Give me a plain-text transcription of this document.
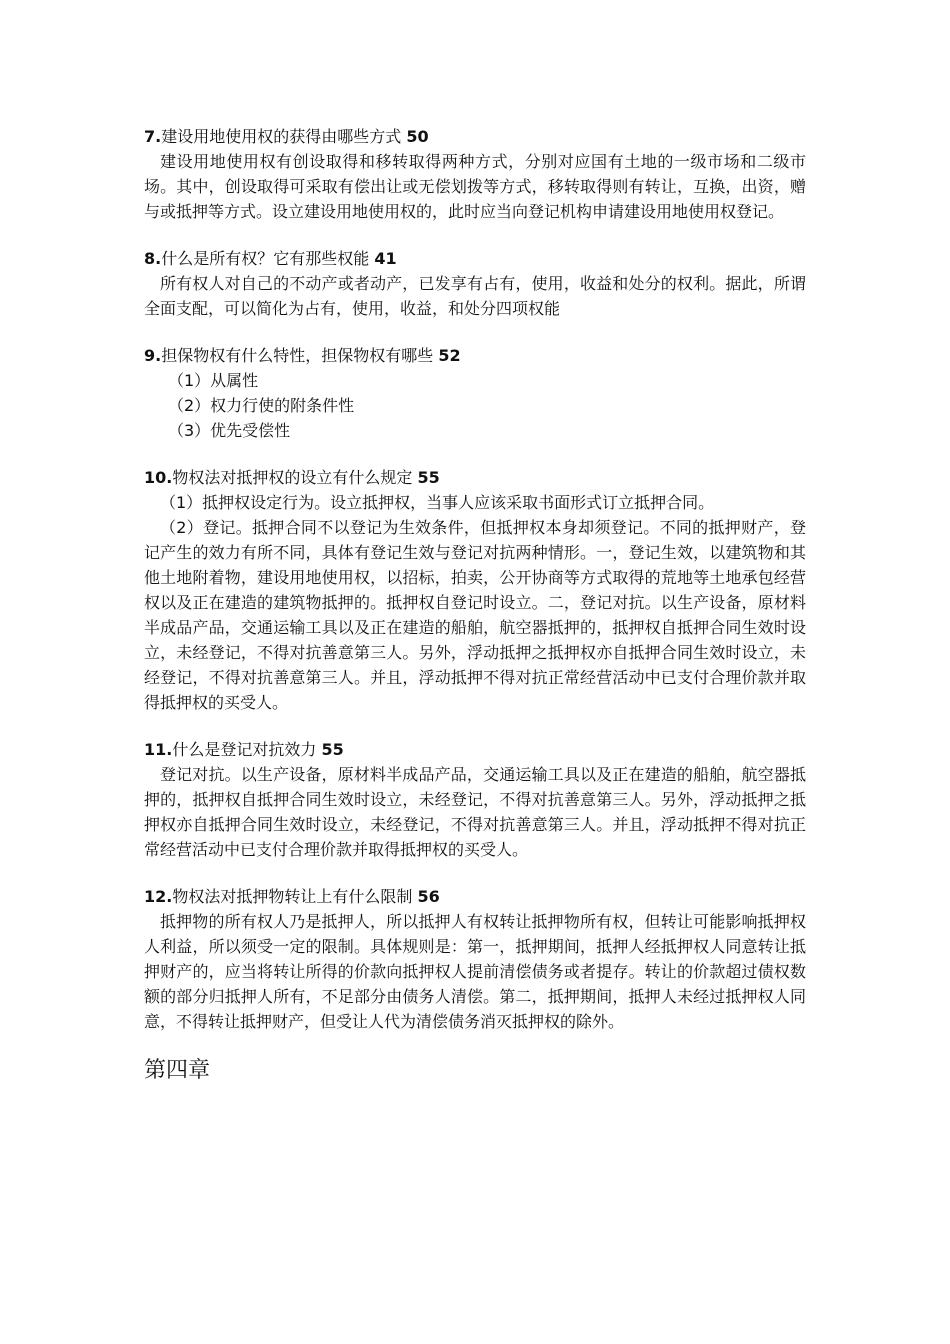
7.建设用地使用权的获得由哪些方式 50

建设用地使用权有创设取得和移转取得两种方式，分别对应国有土地的一级市场和二级市场。其中，创设取得可采取有偿出让或无偿划拨等方式，移转取得则有转让，互换，出资，赠与或抵押等方式。设立建设用地使用权的，此时应当向登记机构申请建设用地使用权登记。

8.什么是所有权？它有那些权能 41

所有权人对自己的不动产或者动产，已发享有占有，使用，收益和处分的权利。据此，所谓全面支配，可以简化为占有，使用，收益，和处分四项权能

9.担保物权有什么特性，担保物权有哪些 52

（1）从属性

（2）权力行使的附条件性

（3）优先受偿性

10.物权法对抵押权的设立有什么规定 55

（1）抵押权设定行为。设立抵押权，当事人应该采取书面形式订立抵押合同。

（2）登记。抵押合同不以登记为生效条件，但抵押权本身却须登记。不同的抵押财产，登记产生的效力有所不同，具体有登记生效与登记对抗两种情形。一，登记生效，以建筑物和其他土地附着物，建设用地使用权，以招标，拍卖，公开协商等方式取得的荒地等土地承包经营权以及正在建造的建筑物抵押的。抵押权自登记时设立。二，登记对抗。以生产设备，原材料半成品产品，交通运输工具以及正在建造的船舶，航空器抵押的，抵押权自抵押合同生效时设立，未经登记，不得对抗善意第三人。另外，浮动抵押之抵押权亦自抵押合同生效时设立，未经登记，不得对抗善意第三人。并且，浮动抵押不得对抗正常经营活动中已支付合理价款并取得抵押权的买受人。

11.什么是登记对抗效力 55

登记对抗。以生产设备，原材料半成品产品，交通运输工具以及正在建造的船舶，航空器抵押的，抵押权自抵押合同生效时设立，未经登记，不得对抗善意第三人。另外，浮动抵押之抵押权亦自抵押合同生效时设立，未经登记，不得对抗善意第三人。并且，浮动抵押不得对抗正常经营活动中已支付合理价款并取得抵押权的买受人。

12.物权法对抵押物转让上有什么限制 56

抵押物的所有权人乃是抵押人，所以抵押人有权转让抵押物所有权，但转让可能影响抵押权人利益，所以须受一定的限制。具体规则是：第一，抵押期间，抵押人经抵押权人同意转让抵押财产的，应当将转让所得的价款向抵押权人提前清偿债务或者提存。转让的价款超过债权数额的部分归抵押人所有，不足部分由债务人清偿。第二，抵押期间，抵押人未经过抵押权人同意，不得转让抵押财产，但受让人代为清偿债务消灭抵押权的除外。

第四章
